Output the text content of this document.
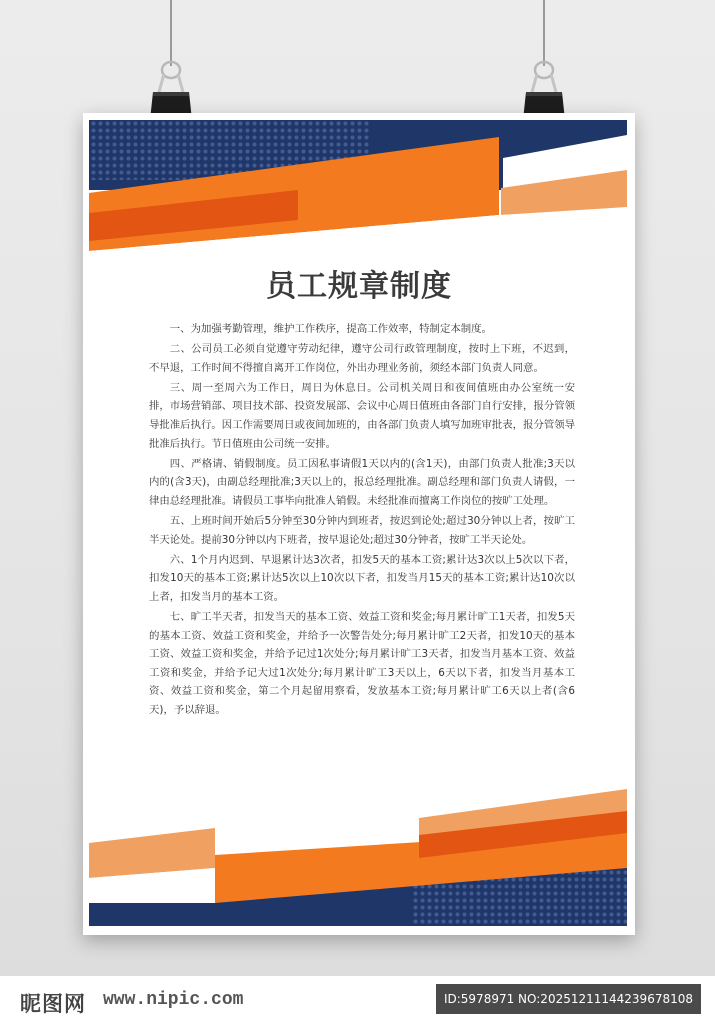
员工规章制度

一、为加强考勤管理，维护工作秩序，提高工作效率，特制定本制度。

二、公司员工必须自觉遵守劳动纪律，遵守公司行政管理制度，按时上下班，不迟到，不早退，工作时间不得擅自离开工作岗位，外出办理业务前，须经本部门负责人同意。

三、周一至周六为工作日，周日为休息日。公司机关周日和夜间值班由办公室统一安排，市场营销部、项目技术部、投资发展部、会议中心周日值班由各部门自行安排，报分管领导批准后执行。因工作需要周日或夜间加班的，由各部门负责人填写加班审批表，报分管领导批准后执行。节日值班由公司统一安排。

四、严格请、销假制度。员工因私事请假1天以内的(含1天)，由部门负责人批准;3天以内的(含3天)，由副总经理批准;3天以上的，报总经理批准。副总经理和部门负责人请假，一律由总经理批准。请假员工事毕向批准人销假。未经批准而擅离工作岗位的按旷工处理。

五、上班时间开始后5分钟至30分钟内到班者，按迟到论处;超过30分钟以上者，按旷工半天论处。提前30分钟以内下班者，按早退论处;超过30分钟者，按旷工半天论处。

六、1个月内迟到、早退累计达3次者，扣发5天的基本工资;累计达3次以上5次以下者，扣发10天的基本工资;累计达5次以上10次以下者，扣发当月15天的基本工资;累计达10次以上者，扣发当月的基本工资。

七、旷工半天者，扣发当天的基本工资、效益工资和奖金;每月累计旷工1天者，扣发5天的基本工资、效益工资和奖金，并给予一次警告处分;每月累计旷工2天者，扣发10天的基本工资、效益工资和奖金，并给予记过1次处分;每月累计旷工3天者，扣发当月基本工资、效益工资和奖金，并给予记大过1次处分;每月累计旷工3天以上，6天以下者，扣发当月基本工资、效益工资和奖金，第二个月起留用察看，发放基本工资;每月累计旷工6天以上者(含6天)，予以辞退。

昵图网 www.nipic.com	ID:5978971 NO:20251211144239678108
